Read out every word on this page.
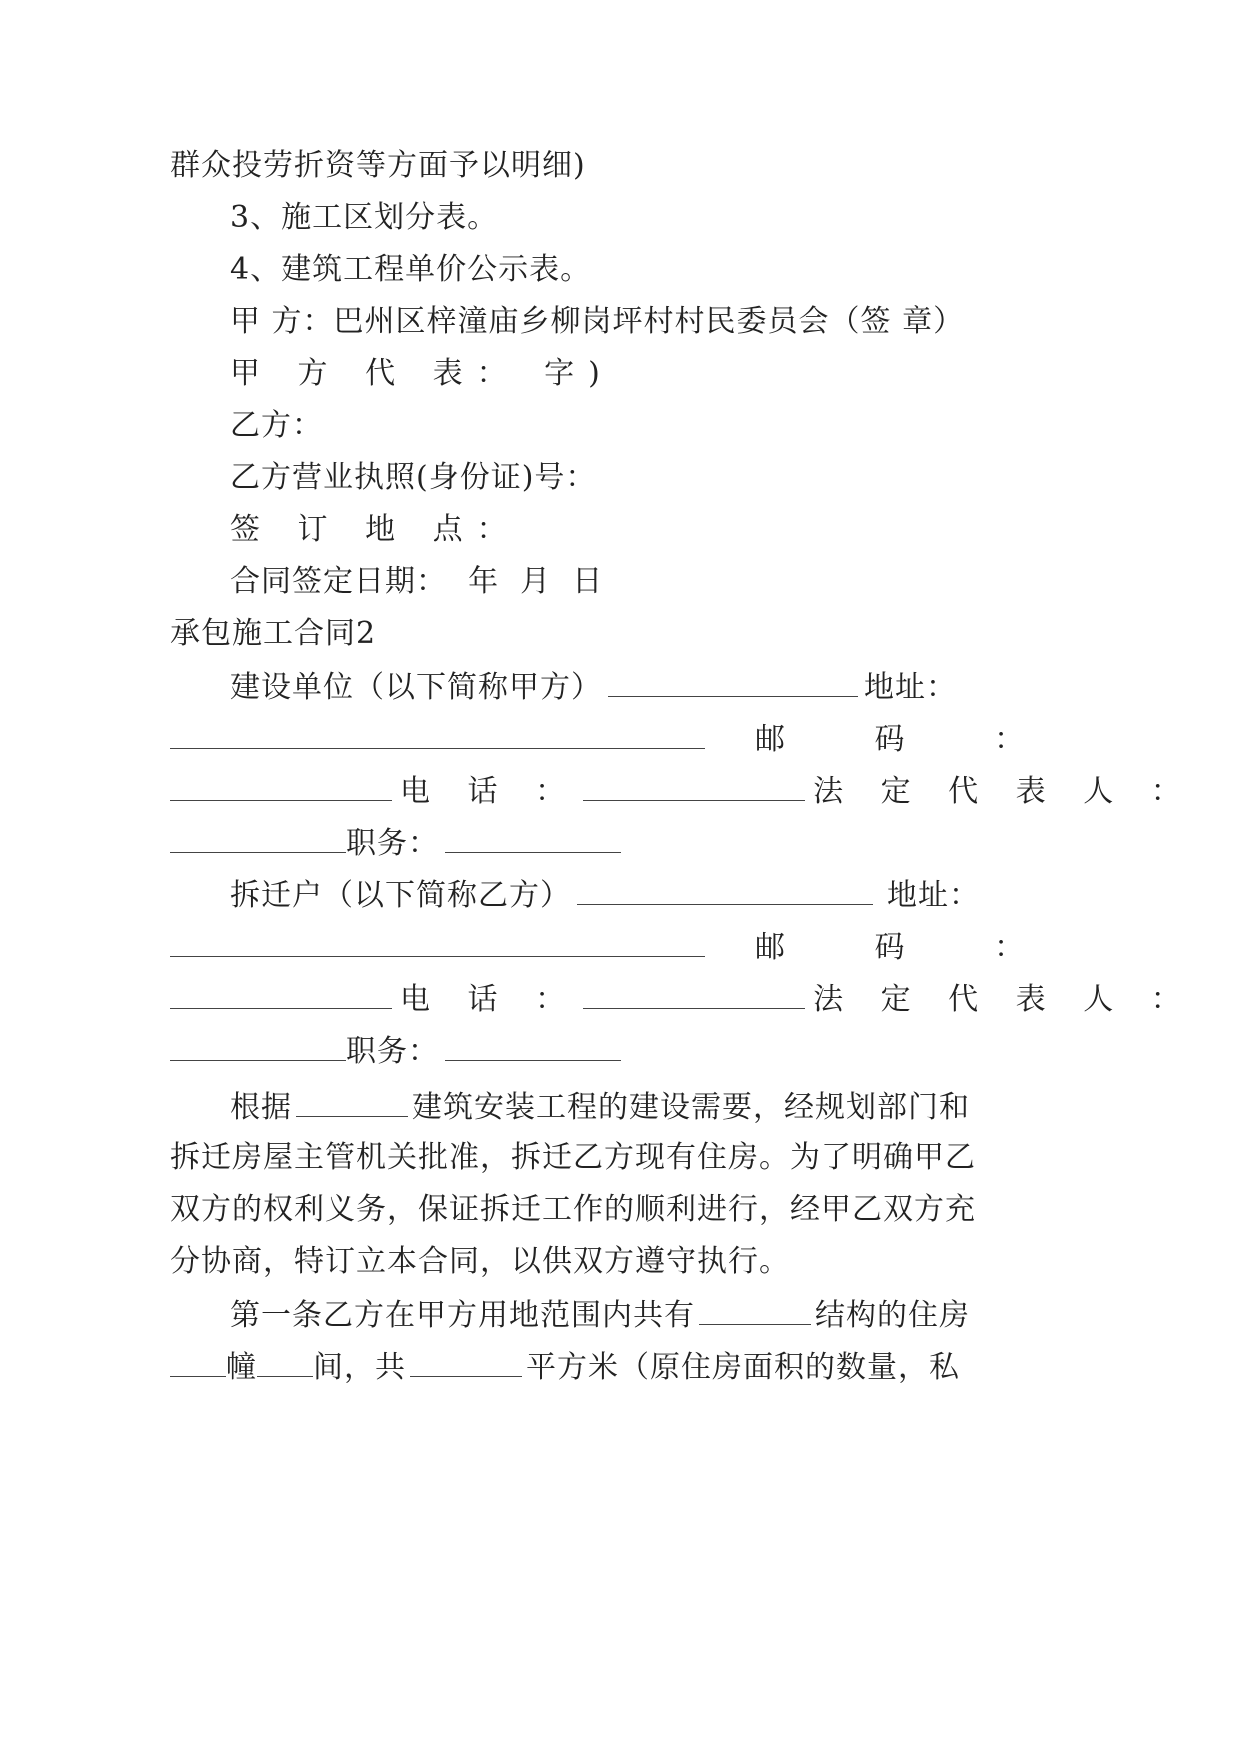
群众投劳折资等方面予以明细)
3、施工区划分表。
4、建筑工程单价公示表。
甲 方：巴州区梓潼庙乡柳岗坪村村民委员会（签 章）
甲 方 代 表： 字)
乙方：
乙方营业执照(身份证)号：
签 订 地 点：
合同签定日期：  年  月  日
承包施工合同2
建设单位（以下简称甲方）	地址：
邮 码 ：
电 话 ：	法 定 代 表 人 ：
职务：
拆迁户（以下简称乙方）	地址：
邮 码 ：
电 话 ：	法 定 代 表 人 ：
职务：
根据	建筑安装工程的建设需要，经规划部门和
拆迁房屋主管机关批准，拆迁乙方现有住房。为了明确甲乙
双方的权利义务，保证拆迁工作的顺利进行，经甲乙双方充
分协商，特订立本合同，以供双方遵守执行。
第一条乙方在甲方用地范围内共有	结构的住房
幢 间，共	平方米（原住房面积的数量，私
